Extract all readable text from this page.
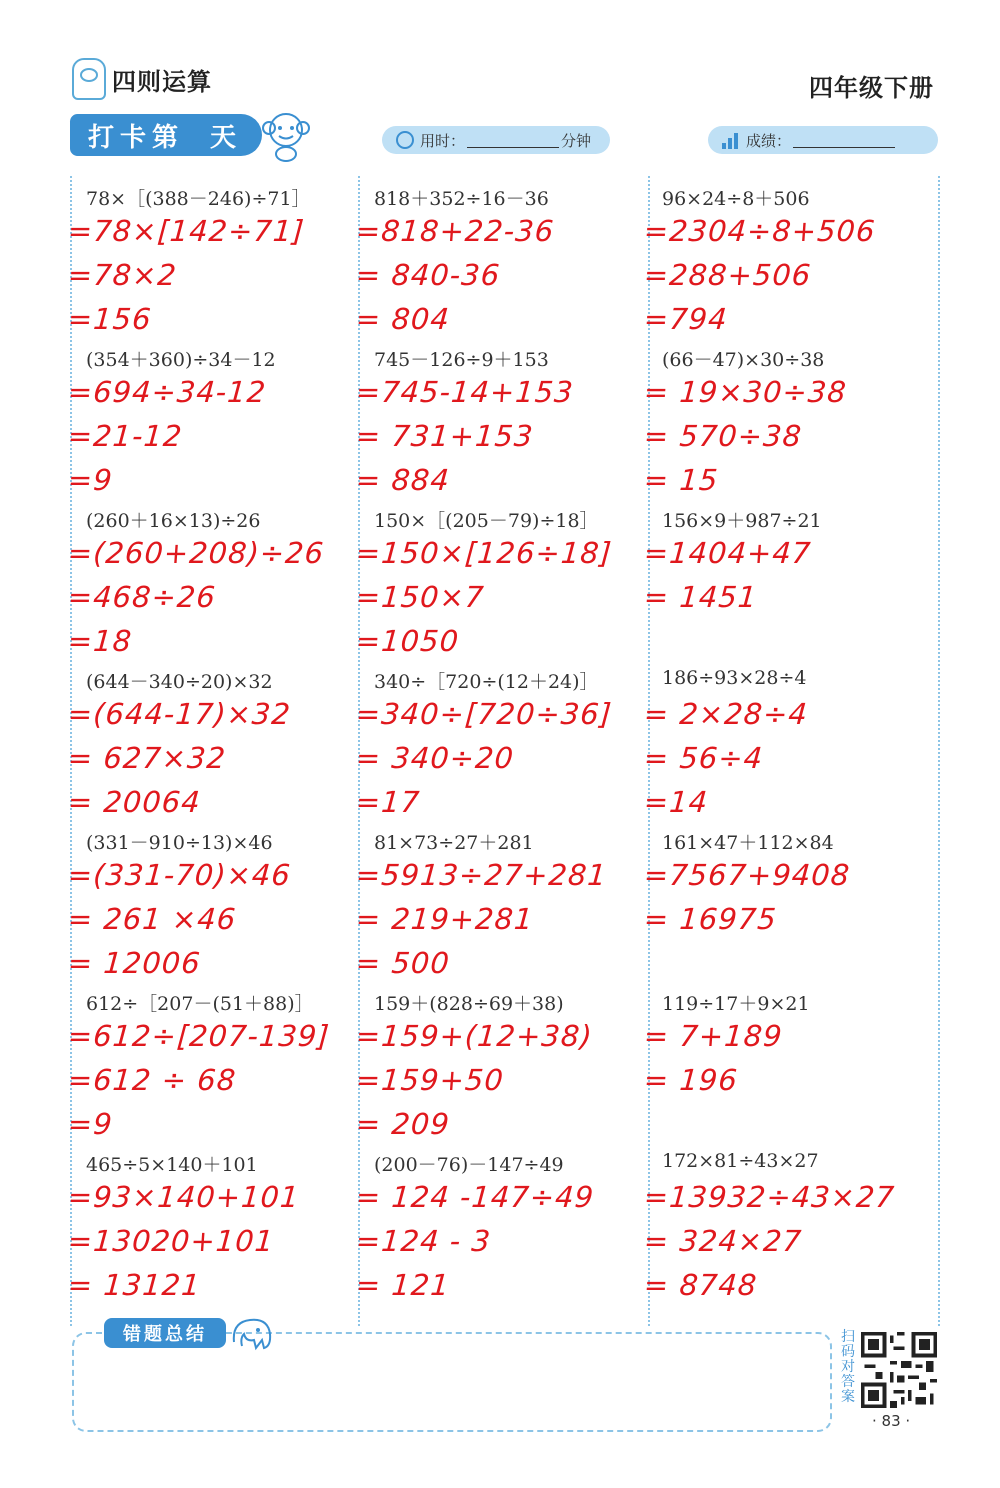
四则运算	四年级下册
打卡第 天	用时：	分钟	成绩：
78×［(388－246)÷71］
=78×[142÷71]
=78×2
=156
(354＋360)÷34－12
=694÷34-12
=21-12
=9
(260＋16×13)÷26
=(260+208)÷26
=468÷26
=18
(644－340÷20)×32
=(644-17)×32
= 627×32
= 20064
(331－910÷13)×46
=(331-70)×46
= 261 ×46
= 12006
612÷［207－(51＋88)］
=612÷[207-139]
=612 ÷ 68
=9
465÷5×140＋101
=93×140+101
=13020+101
= 13121
818＋352÷16－36
=818+22-36
= 840-36
= 804
745－126÷9＋153
=745-14+153
= 731+153
= 884
150×［(205－79)÷18］
=150×[126÷18]
=150×7
=1050
340÷［720÷(12＋24)］
=340÷[720÷36]
= 340÷20
=17
81×73÷27＋281
=5913÷27+281
= 219+281
= 500
159＋(828÷69＋38)
=159+(12+38)
=159+50
= 209
(200－76)－147÷49
= 124 -147÷49
=124 - 3
= 121
96×24÷8＋506
=2304÷8+506
=288+506
=794
(66－47)×30÷38
= 19×30÷38
= 570÷38
= 15
156×9＋987÷21
=1404+47
= 1451
186÷93×28÷4
= 2×28÷4
= 56÷4
=14
161×47＋112×84
=7567+9408
= 16975
119÷17＋9×21
= 7+189
= 196
172×81÷43×27
=13932÷43×27
= 324×27
= 8748
错题总结	扫码对答案
· 83 ·
